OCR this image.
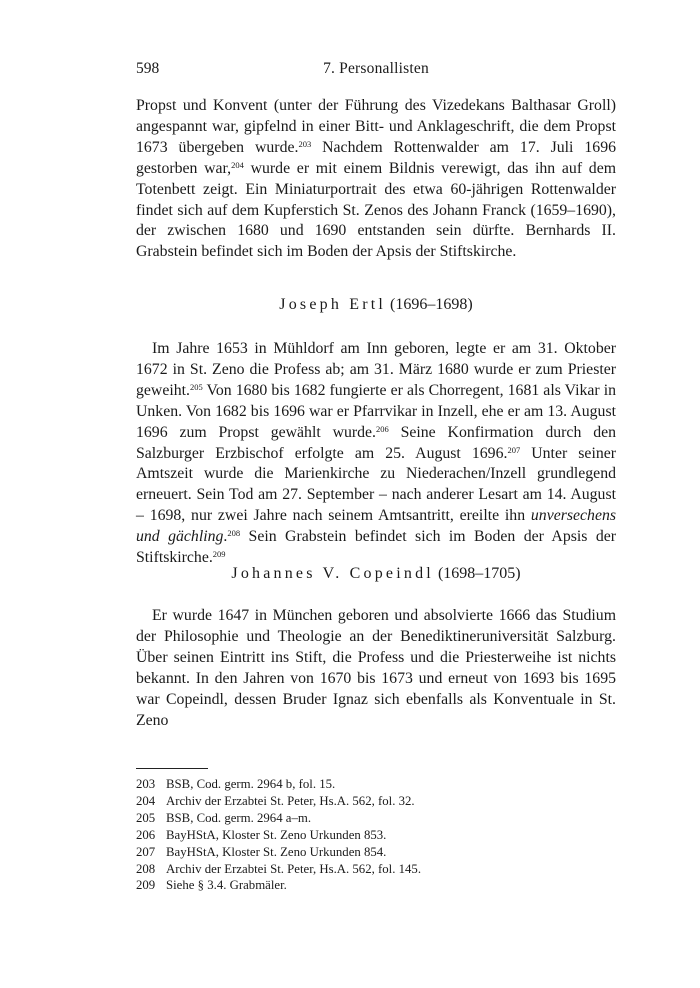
598	7. Personallisten
Propst und Konvent (unter der Führung des Vizedekans Balthasar Groll) angespannt war, gipfelnd in einer Bitt- und Anklageschrift, die dem Propst 1673 übergeben wurde.$^{203}$ Nachdem Rottenwalder am 17. Juli 1696 gestorben war,$^{204}$ wurde er mit einem Bildnis verewigt, das ihn auf dem Totenbett zeigt. Ein Miniaturportrait des etwa 60-jährigen Rottenwalder findet sich auf dem Kupferstich St. Zenos des Johann Franck (1659–1690), der zwischen 1680 und 1690 entstanden sein dürfte. Bernhards II. Grabstein befindet sich im Boden der Apsis der Stiftskirche.
Joseph Ertl (1696–1698)
Im Jahre 1653 in Mühldorf am Inn geboren, legte er am 31. Oktober 1672 in St. Zeno die Profess ab; am 31. März 1680 wurde er zum Priester geweiht.$^{205}$ Von 1680 bis 1682 fungierte er als Chorregent, 1681 als Vikar in Unken. Von 1682 bis 1696 war er Pfarrvikar in Inzell, ehe er am 13. August 1696 zum Propst gewählt wurde.$^{206}$ Seine Konfirmation durch den Salzburger Erzbischof erfolgte am 25. August 1696.$^{207}$ Unter seiner Amtszeit wurde die Marienkirche zu Niederachen/Inzell grundlegend erneuert. Sein Tod am 27. September – nach anderer Lesart am 14. August – 1698, nur zwei Jahre nach seinem Amtsantritt, ereilte ihn unversechens und gächling.$^{208}$ Sein Grabstein befindet sich im Boden der Apsis der Stiftskirche.$^{209}$
Johannes V. Copeindl (1698–1705)
Er wurde 1647 in München geboren und absolvierte 1666 das Studium der Philosophie und Theologie an der Benediktineruniversität Salzburg. Über seinen Eintritt ins Stift, die Profess und die Priesterweihe ist nichts bekannt. In den Jahren von 1670 bis 1673 und erneut von 1693 bis 1695 war Copeindl, dessen Bruder Ignaz sich ebenfalls als Konventuale in St. Zeno
203 BSB, Cod. germ. 2964 b, fol. 15.
204 Archiv der Erzabtei St. Peter, Hs.A. 562, fol. 32.
205 BSB, Cod. germ. 2964 a–m.
206 BayHStA, Kloster St. Zeno Urkunden 853.
207 BayHStA, Kloster St. Zeno Urkunden 854.
208 Archiv der Erzabtei St. Peter, Hs.A. 562, fol. 145.
209 Siehe § 3.4. Grabmäler.
